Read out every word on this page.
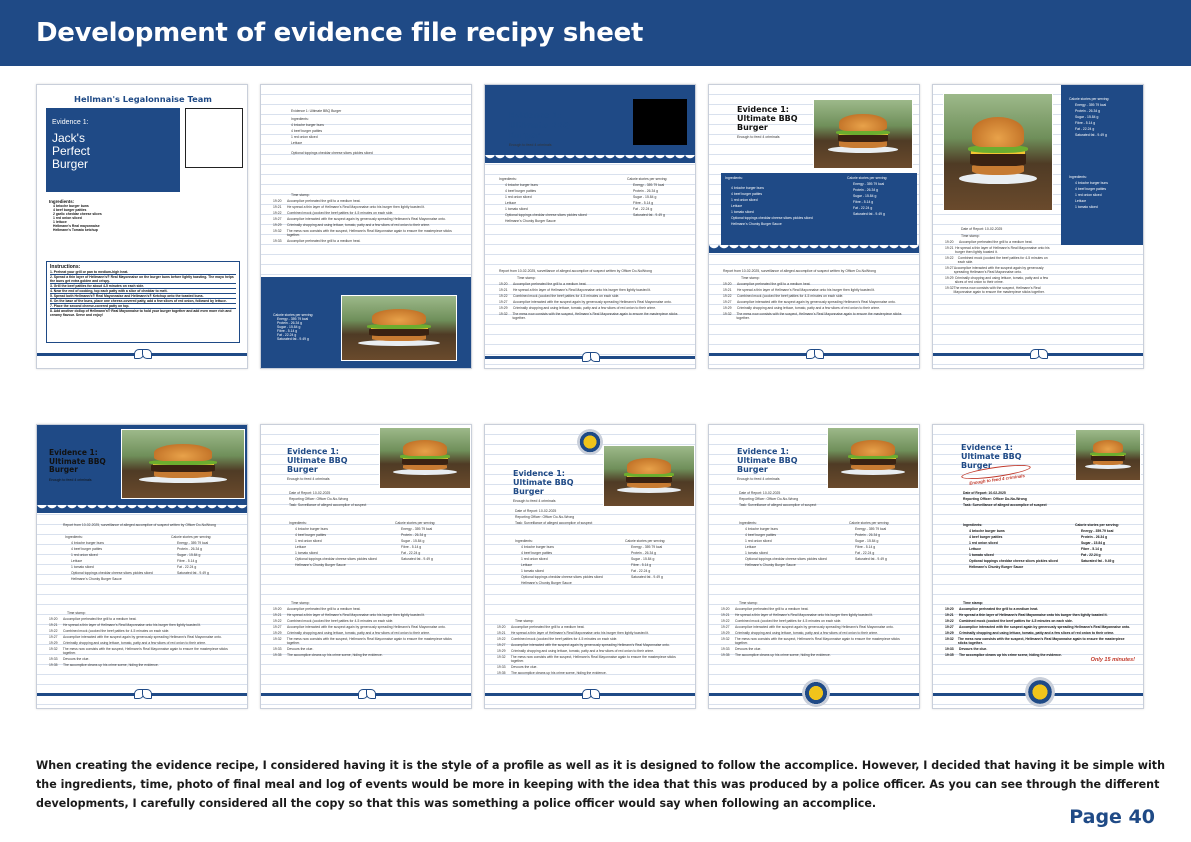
Development of evidence file recipy sheet
Hellman's Legalonnaise Team
Evidence 1:
Jack's Perfect Burger
Ingredients:
4 brioche burger buns
4 beef burger patties
2 garlic cheddar cheese slices
1 red onion sliced
1 lettuce
Hellmann's Real mayonnaise
Hellmann's Tomato ketchup
Instructions:
1. Preheat your grill or pan to medium-high heat.
2. Spread a thin layer of Hellmann's® Real Mayonnaise on the burger buns before lightly toasting. The mayo helps the buns get extra golden and crispy.
3. Grill the beef patties for about 4-5 minutes on each side.
4. Near the end of cooking, top each patty with a slice of cheddar to melt.
5. Spread both Hellmann's® Real Mayonnaise and Hellmann's® Ketchup onto the toasted buns.
6. On the base of the buns, place one cheese-covered patty, add a few slices of red onion, followed by lettuce.
7. Place the second cheese-covered patty on top.
8. Add another dollop of Hellmann's® Real Mayonnaise to hold your burger together and add even more rich and creamy flavour. Serve and enjoy!
Evidence 1: Ultimate BBQ Burger
Ingredients:
4 brioche burger buns
4 beef burger patties
1 red onion sliced
Lettuce
Optional toppings cheddar cheese slices pickles sliced
Time stamp:
19:20	Accomplice preheated the grill to a medium heat.
19:21	He spread a thin layer of Hellmann's Real Mayonnaise onto his burger then lightly toasted it.
19:22	Combined mock (cooked the beef patties for 4-5 minutes on each side.
19:27	Accomplice interacted with the suspect again by generously spreading Hellmann's Real Mayonnaise onto.
19:29	Criminally chopping and using lettuce, tomato, patty and a few slices of red onion to their crime.
19:32	The mess now consists with the suspect, Hellmann's Real Mayonnaise again to ensure the masterpiece sticks together.
19:33	Accomplice preheated the grill to a medium heat.
Calorie stories per serving:
Energy - 359.79 kcal
Protein - 26.34 g
Sugar - 15.84 g
Fibre - 5.14 g
Fat - 22.24 g
Saturated fat - 9.49 g
Evidence 1: Ultimate BBQ Burger
Enough to feed 4 criminals
Ingredients:
4 brioche burger buns
4 beef burger patties
1 red onion sliced
Lettuce
1 tomato sliced
Optional toppings cheddar cheese slices pickles sliced
Hellmann's Chunky Burger Sauce
Calorie stories per serving:
Energy - 359.79 kcal
Protein - 26.34 g
Sugar - 15.84 g
Fibre - 5.14 g
Fat - 22.24 g
Saturated fat - 9.49 g
Report from 10-02-2025, surveillance of alleged accomplice of suspect written by Officer Do-NoWrong
Time stamp:
19:20	Accomplice preheated the grill to a medium heat.
19:21	He spread a thin layer of Hellmann's Real Mayonnaise onto his burger then lightly toasted it.
19:22	Combined mock (cooked the beef patties for 4-5 minutes on each side.
19:27	Accomplice interacted with the suspect again by generously spreading Hellmann's Real Mayonnaise onto.
19:29	Criminally chopping and using lettuce, tomato, patty and a few slices of red onion to their crime.
19:32	The mess now consists with the suspect, Hellmann's Real Mayonnaise again to ensure the masterpiece sticks together.
Evidence 1: Ultimate BBQ Burger
Enough to feed 4 criminals
Ingredients:
4 brioche burger buns
4 beef burger patties
1 red onion sliced
Lettuce
1 tomato sliced
Optional toppings cheddar cheese slices pickles sliced
Hellmann's Chunky Burger Sauce
Calorie stories per serving:
Energy - 359.79 kcal
Protein - 26.34 g
Sugar - 15.84 g
Fibre - 5.14 g
Fat - 22.24 g
Saturated fat - 9.49 g
Report from 10-02-2025, surveillance of alleged accomplice of suspect written by Officer Do-NoWrong
Time stamp:
19:20	Accomplice preheated the grill to a medium heat.
19:21	He spread a thin layer of Hellmann's Real Mayonnaise onto his burger then lightly toasted it.
19:22	Combined mock (cooked the beef patties for 4-5 minutes on each side.
19:27	Accomplice interacted with the suspect again by generously spreading Hellmann's Real Mayonnaise onto.
19:29	Criminally chopping and using lettuce, tomato, patty and a few slices of red onion to their crime.
19:32	The mess now consists with the suspect, Hellmann's Real Mayonnaise again to ensure the masterpiece sticks together.
Calorie stories per serving:
Energy - 359.79 kcal
Protein - 26.34 g
Sugar - 15.84 g
Fibre - 5.14 g
Fat - 22.24 g
Saturated fat - 9.49 g
Ingredients:
4 brioche burger buns
4 beef burger patties
1 red onion sliced
Lettuce
1 tomato sliced
Date of Report: 10-02-2025
Time stamp:
19:20	Accomplice preheated the grill to a medium heat.
19:21 He spread a thin layer of Hellmann's Real Mayonnaise onto his burger then lightly toasted it.
19:22	Combined mock (cooked the beef patties for 4-5 minutes on each side.
19:27 Accomplice interacted with the suspect again by generously spreading Hellmann's Real Mayonnaise onto.
19:29 Criminally chopping and using lettuce, tomato, patty and a few slices of red onion to their crime.
19:32 The mess now consists with the suspect, Hellmann's Real Mayonnaise again to ensure the masterpiece sticks together.
Evidence 1:
Ultimate BBQ Burger
Enough to feed 4 criminals
Report from 10-02-2025, surveillance of alleged accomplice of suspect written by Officer Do-NoWrong
Ingredients:
4 brioche burger buns
4 beef burger patties
1 red onion sliced
Lettuce
1 tomato sliced
Optional toppings cheddar cheese slices pickles sliced
Hellmann's Chunky Burger Sauce
Calorie stories per serving:
Energy - 359.79 kcal
Protein - 26.34 g
Sugar - 15.84 g
Fibre - 5.14 g
Fat - 22.24 g
Saturated fat - 9.49 g
Time stamp:
19:20	Accomplice preheated the grill to a medium heat.
19:21	He spread a thin layer of Hellmann's Real Mayonnaise onto his burger then lightly toasted it.
19:22	Combined mock (cooked the beef patties for 4-5 minutes on each side.
19:27	Accomplice interacted with the suspect again by generously spreading Hellmann's Real Mayonnaise onto.
19:29	Criminally chopping and using lettuce, tomato, patty and a few slices of red onion to their crime.
19:32	The mess now consists with the suspect, Hellmann's Real Mayonnaise again to ensure the masterpiece sticks together.
19:33	Devours the clue.
19:35	The accomplice cleans up his crime scene, hiding the evidence.
Evidence 1:
Ultimate BBQ Burger
Enough to feed 4 criminals
Date of Report: 10-02-2025
Reporting Officer: Officer Do-No-Wrong
Task: Surveillance of alleged accomplice of suspect
Ingredients:
4 brioche burger buns
4 beef burger patties
1 red onion sliced
Lettuce
1 tomato sliced
Optional toppings cheddar cheese slices pickles sliced
Hellmann's Chunky Burger Sauce
Calorie stories per serving:
Energy - 359.79 kcal
Protein - 26.34 g
Sugar - 15.84 g
Fibre - 5.14 g
Fat - 22.24 g
Saturated fat - 9.49 g
Time stamp:
19:20	Accomplice preheated the grill to a medium heat.
19:21	He spread a thin layer of Hellmann's Real Mayonnaise onto his burger then lightly toasted it.
19:22	Combined mock (cooked the beef patties for 4-5 minutes on each side.
19:27	Accomplice interacted with the suspect again by generously spreading Hellmann's Real Mayonnaise onto.
19:29	Criminally chopping and using lettuce, tomato, patty and a few slices of red onion to their crime.
19:32	The mess now consists with the suspect, Hellmann's Real Mayonnaise again to ensure the masterpiece sticks together.
19:33	Devours the clue.
19:35	The accomplice cleans up his crime scene, hiding the evidence.
Evidence 1:
Ultimate BBQ Burger
Enough to feed 4 criminals
Date of Report: 10-02-2025
Reporting Officer: Officer Do-No-Wrong
Task: Surveillance of alleged accomplice of suspect
Ingredients:
4 brioche burger buns
4 beef burger patties
1 red onion sliced
Lettuce
1 tomato sliced
Optional toppings cheddar cheese slices pickles sliced
Hellmann's Chunky Burger Sauce
Calorie stories per serving:
Energy - 359.79 kcal
Protein - 26.34 g
Sugar - 15.84 g
Fibre - 5.14 g
Fat - 22.24 g
Saturated fat - 9.49 g
Time stamp:
19:20	Accomplice preheated the grill to a medium heat.
19:21	He spread a thin layer of Hellmann's Real Mayonnaise onto his burger then lightly toasted it.
19:22	Combined mock (cooked the beef patties for 4-5 minutes on each side.
19:27	Accomplice interacted with the suspect again by generously spreading Hellmann's Real Mayonnaise onto.
19:29	Criminally chopping and using lettuce, tomato, patty and a few slices of red onion to their crime.
19:32	The mess now consists with the suspect, Hellmann's Real Mayonnaise again to ensure the masterpiece sticks together.
19:33	Devours the clue.
19:35	The accomplice cleans up his crime scene, hiding the evidence.
Evidence 1:
Ultimate BBQ Burger
Enough to feed 4 criminals
Date of Report: 10-02-2025
Reporting Officer: Officer Do-No-Wrong
Task: Surveillance of alleged accomplice of suspect
Ingredients:
4 brioche burger buns
4 beef burger patties
1 red onion sliced
Lettuce
1 tomato sliced
Optional toppings cheddar cheese slices pickles sliced
Hellmann's Chunky Burger Sauce
Calorie stories per serving:
Energy - 359.79 kcal
Protein - 26.34 g
Sugar - 15.84 g
Fibre - 5.14 g
Fat - 22.24 g
Saturated fat - 9.49 g
Time stamp:
19:20	Accomplice preheated the grill to a medium heat.
19:21	He spread a thin layer of Hellmann's Real Mayonnaise onto his burger then lightly toasted it.
19:22	Combined mock (cooked the beef patties for 4-5 minutes on each side.
19:27	Accomplice interacted with the suspect again by generously spreading Hellmann's Real Mayonnaise onto.
19:29	Criminally chopping and using lettuce, tomato, patty and a few slices of red onion to their crime.
19:32	The mess now consists with the suspect, Hellmann's Real Mayonnaise again to ensure the masterpiece sticks together.
19:33	Devours the clue.
19:35	The accomplice cleans up his crime scene, hiding the evidence.
Evidence 1:
Ultimate BBQ Burger
Enough to feed 4 criminals
Date of Report: 10-02-2025
Reporting Officer: Officer Do-No-Wrong
Task: Surveillance of alleged accomplice of suspect
Ingredients:
4 brioche burger buns
4 beef burger patties
1 red onion sliced
Lettuce
1 tomato sliced
Optional toppings cheddar cheese slices pickles sliced
Hellmann's Chunky Burger Sauce
Calorie stories per serving:
Energy - 359.79 kcal
Protein - 26.34 g
Sugar - 15.84 g
Fibre - 5.14 g
Fat - 22.24 g
Saturated fat - 9.49 g
Time stamp:
19:20	Accomplice preheated the grill to a medium heat.
19:21	He spread a thin layer of Hellmann's Real Mayonnaise onto his burger then lightly toasted it.
19:22	Combined mock (cooked the beef patties for 4-5 minutes on each side.
19:27	Accomplice interacted with the suspect again by generously spreading Hellmann's Real Mayonnaise onto.
19:29	Criminally chopping and using lettuce, tomato, patty and a few slices of red onion to their crime.
19:32	The mess now consists with the suspect, Hellmann's Real Mayonnaise again to ensure the masterpiece sticks together.
19:33	Devours the clue.
19:35	The accomplice cleans up his crime scene, hiding the evidence.
Only 15 minutes!
When creating the evidence recipe, I considered having it is the style of a profile as well as it is designed to follow the accomplice. However, I decided that having it be simple with the ingredients, time, photo of final meal and log of events would be more in keeping with the idea that this was produced by a police officer. As you can see through the different developments, I carefully considered all the copy so that this was something a police officer would say when following an accomplice.
Page 40
